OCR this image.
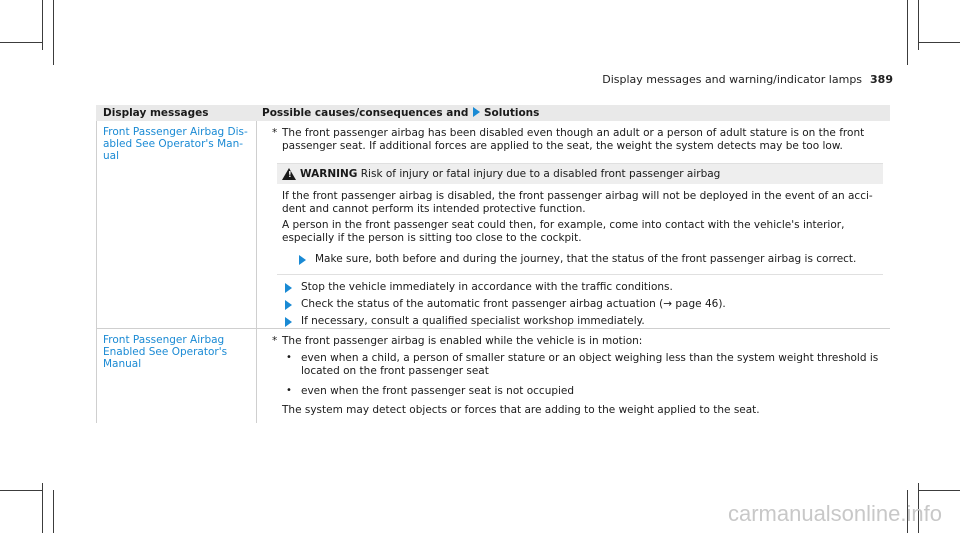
Display messages and warning/indicator lamps 389
Display messages	Possible causes/consequences and Solutions
Front Passenger Airbag Dis-
abled See Operator's Man-
ual
* The front passenger airbag has been disabled even though an adult or a person of adult stature is on the front
passenger seat. If additional forces are applied to the seat, the weight the system detects may be too low.
! WARNING Risk of injury or fatal injury due to a disabled front passenger airbag
If the front passenger airbag is disabled, the front passenger airbag will not be deployed in the event of an acci-
dent and cannot perform its intended protective function.
A person in the front passenger seat could then, for example, come into contact with the vehicle's interior,
especially if the person is sitting too close to the cockpit.
Make sure, both before and during the journey, that the status of the front passenger airbag is correct.
Stop the vehicle immediately in accordance with the traffic conditions.
Check the status of the automatic front passenger airbag actuation (→ page 46).
If necessary, consult a qualified specialist workshop immediately.
Front Passenger Airbag
Enabled See Operator's
Manual
* The front passenger airbag is enabled while the vehicle is in motion:
• even when a child, a person of smaller stature or an object weighing less than the system weight threshold is
located on the front passenger seat
• even when the front passenger seat is not occupied
The system may detect objects or forces that are adding to the weight applied to the seat.
carmanualsonline.info
